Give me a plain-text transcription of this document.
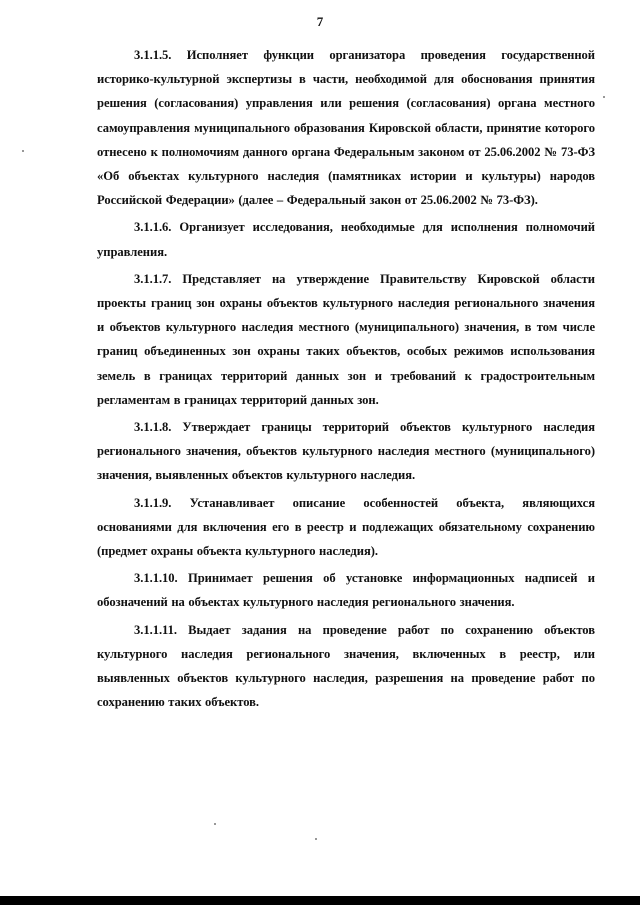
7

3.1.1.5. Исполняет функции организатора проведения государственной историко-культурной экспертизы в части, необходимой для обоснования принятия решения (согласования) управления или решения (согласования) органа местного самоуправления муниципального образования Кировской области, принятие которого отнесено к полномочиям данного органа Федеральным законом от 25.06.2002 № 73-ФЗ «Об объектах культурного наследия (памятниках истории и культуры) народов Российской Федерации» (далее – Федеральный закон от 25.06.2002 № 73-ФЗ).

3.1.1.6. Организует исследования, необходимые для исполнения полномочий управления.

3.1.1.7. Представляет на утверждение Правительству Кировской области проекты границ зон охраны объектов культурного наследия регионального значения и объектов культурного наследия местного (муниципального) значения, в том числе границ объединенных зон охраны таких объектов, особых режимов использования земель в границах территорий данных зон и требований к градостроительным регламентам в границах территорий данных зон.

3.1.1.8. Утверждает границы территорий объектов культурного наследия регионального значения, объектов культурного наследия местного (муниципального) значения, выявленных объектов культурного наследия.

3.1.1.9. Устанавливает описание особенностей объекта, являющихся основаниями для включения его в реестр и подлежащих обязательному сохранению (предмет охраны объекта культурного наследия).

3.1.1.10. Принимает решения об установке информационных надписей и обозначений на объектах культурного наследия регионального значения.

3.1.1.11. Выдает задания на проведение работ по сохранению объектов культурного наследия регионального значения, включенных в реестр, или выявленных объектов культурного наследия, разрешения на проведение работ по сохранению таких объектов.
